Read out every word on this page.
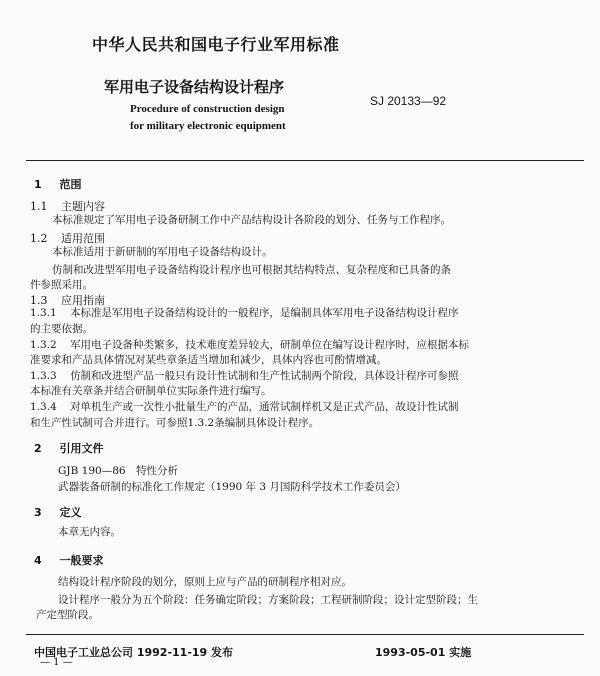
中华人民共和国电子行业军用标准
军用电子设备结构设计程序
SJ 20133—92
Procedure of construction design
for military electronic equipment
1 范围
1.1 主题内容
本标准规定了军用电子设备研制工作中产品结构设计各阶段的划分、任务与工作程序。
1.2 适用范围
本标准适用于新研制的军用电子设备结构设计。
仿制和改进型军用电子设备结构设计程序也可根据其结构特点、复杂程度和已具备的条
件参照采用。
1.3 应用指南
1.3.1 本标准是军用电子设备结构设计的一般程序，是编制具体军用电子设备结构设计程序
的主要依据。
1.3.2 军用电子设备种类繁多，技术难度差异较大，研制单位在编写设计程序时，应根据本标
准要求和产品具体情况对某些章条适当增加和减少，具体内容也可酌情增减。
1.3.3 仿制和改进型产品一般只有设计性试制和生产性试制两个阶段，具体设计程序可参照
本标准有关章条并结合研制单位实际条件进行编写。
1.3.4 对单机生产或一次性小批量生产的产品，通常试制样机又是正式产品，故设计性试制
和生产性试制可合并进行。可参照1.3.2条编制具体设计程序。
2 引用文件
GJB 190—86　特性分析
武器装备研制的标准化工作规定（1990 年 3 月国防科学技术工作委员会）
3 定义
本章无内容。
4 一般要求
结构设计程序阶段的划分，原则上应与产品的研制程序相对应。
设计程序一般分为五个阶段：任务确定阶段；方案阶段；工程研制阶段；设计定型阶段；生
产定型阶段。
中国电子工业总公司 1992-11-19 发布	1993-05-01 实施
— 1 —
